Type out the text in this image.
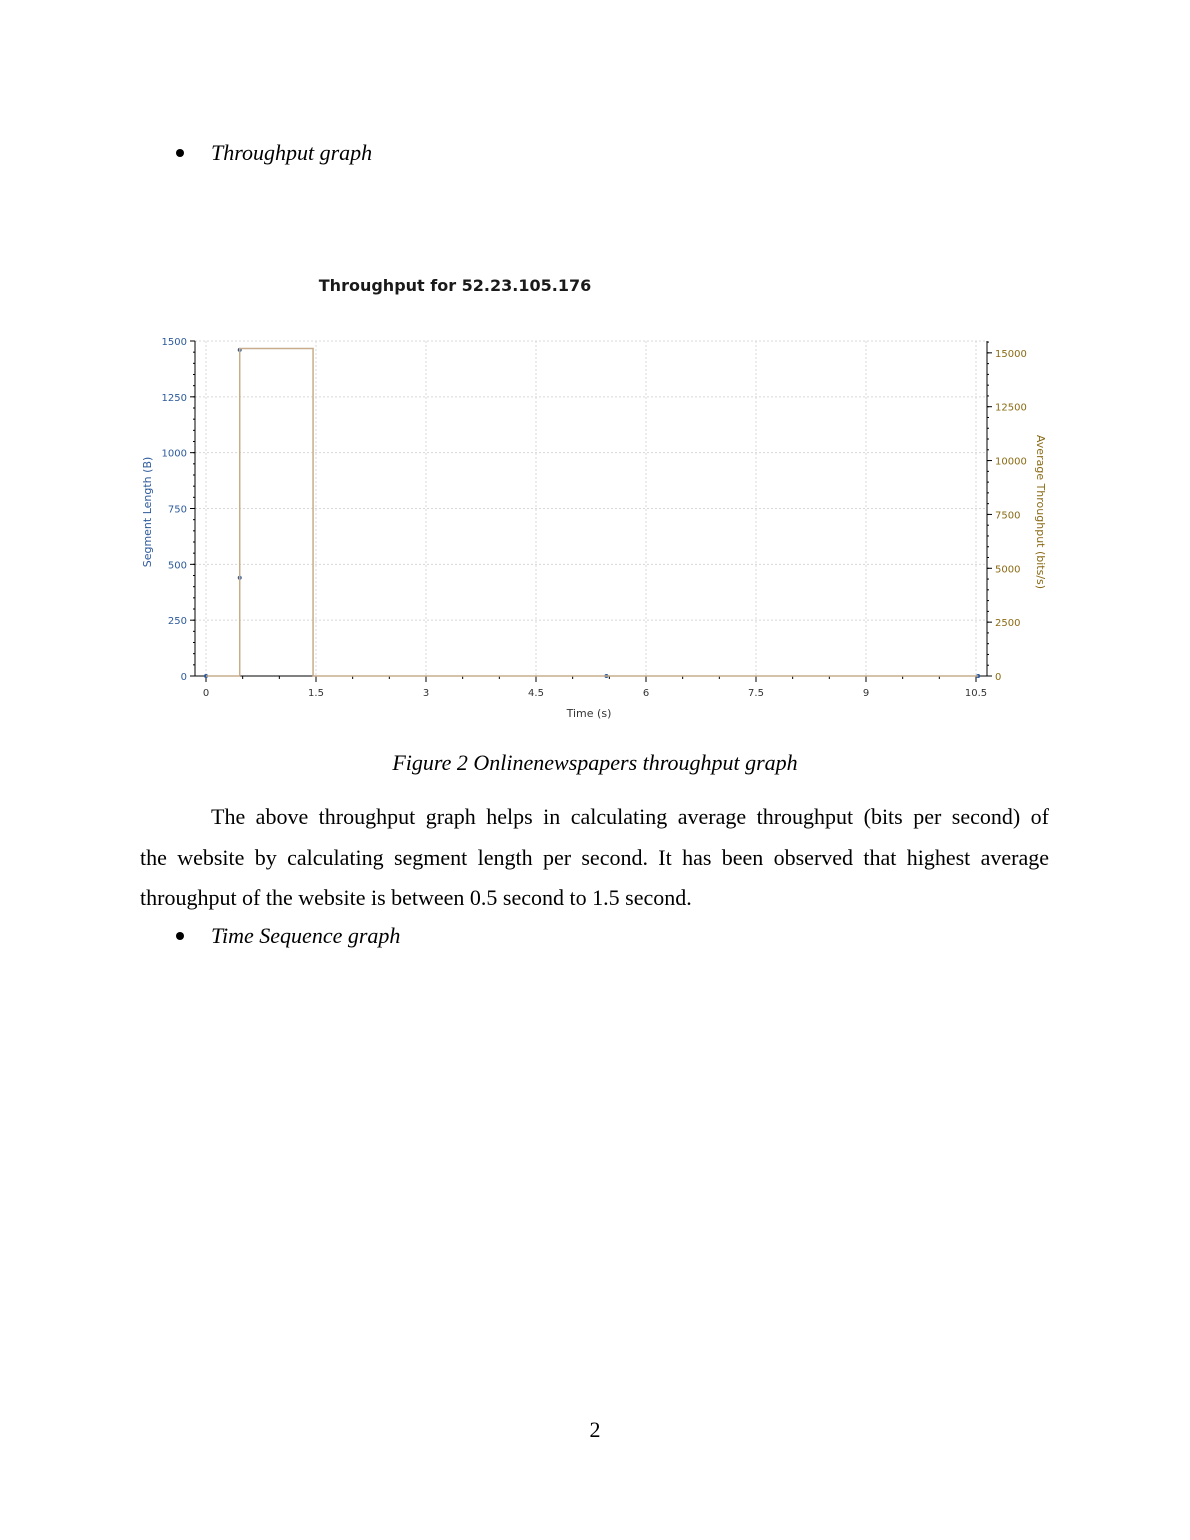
Throughput graph
Throughput for 52.23.105.176
0	1.5	3	4.5	6	7.5	9	10.5
0
250
500
750
1000
1250
1500
0
2500
5000
7500
10000
12500
15000
Time (s)
Segment Length (B)	Average Throughput (bits/s)
Figure 2 Onlinenewspapers throughput graph

The above throughput graph helps in calculating average throughput (bits per second) of
the website by calculating segment length per second. It has been observed that highest average
throughput of the website is between 0.5 second to 1.5 second.

Time Sequence graph
2
